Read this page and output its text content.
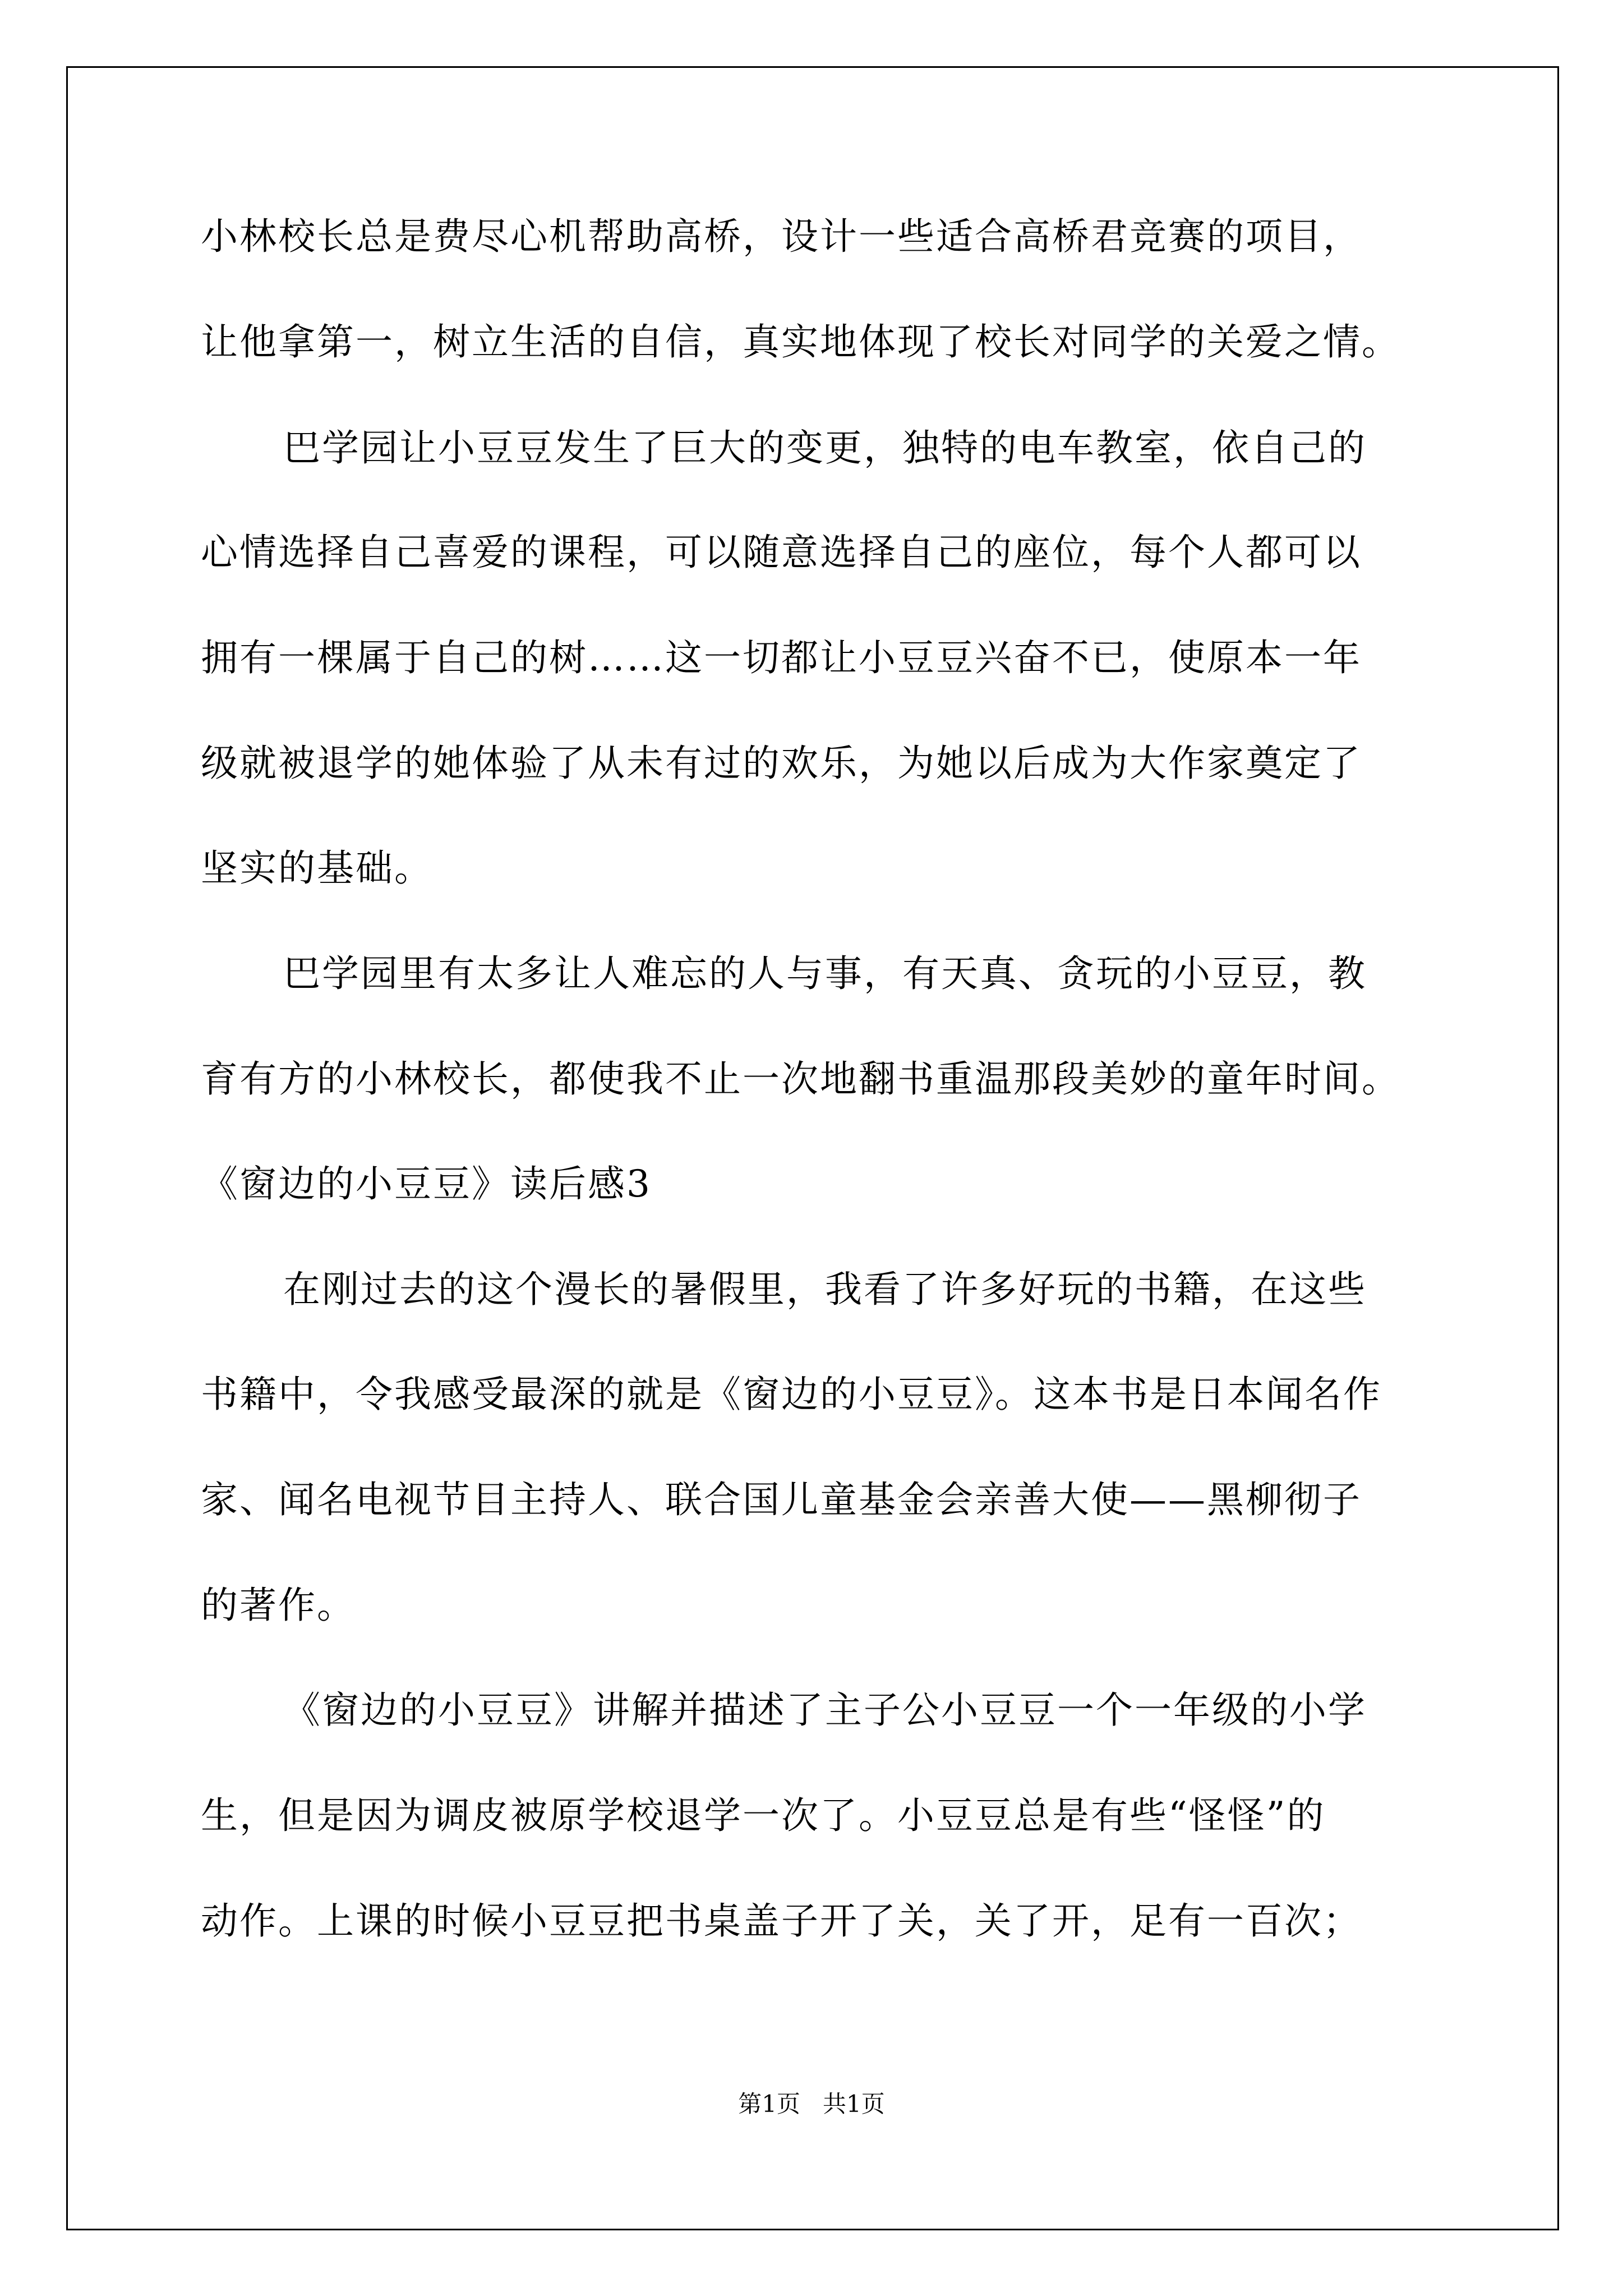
小林校长总是费尽心机帮助高桥，设计一些适合高桥君竞赛的项目，
让他拿第一，树立生活的自信，真实地体现了校长对同学的关爱之情。
巴学园让小豆豆发生了巨大的变更，独特的电车教室，依自己的
心情选择自己喜爱的课程，可以随意选择自己的座位，每个人都可以
拥有一棵属于自己的树……这一切都让小豆豆兴奋不已，使原本一年
级就被退学的她体验了从未有过的欢乐，为她以后成为大作家奠定了
坚实的基础。
巴学园里有太多让人难忘的人与事，有天真、贪玩的小豆豆，教
育有方的小林校长，都使我不止一次地翻书重温那段美妙的童年时间。
《窗边的小豆豆》读后感3
在刚过去的这个漫长的暑假里，我看了许多好玩的书籍，在这些
书籍中，令我感受最深的就是《窗边的小豆豆》。这本书是日本闻名作
家、闻名电视节目主持人、联合国儿童基金会亲善大使——黑柳彻子
的著作。
《窗边的小豆豆》讲解并描述了主子公小豆豆一个一年级的小学
生，但是因为调皮被原学校退学一次了。小豆豆总是有些“怪怪”的
动作。上课的时候小豆豆把书桌盖子开了关，关了开，足有一百次；
第1页   共1页
